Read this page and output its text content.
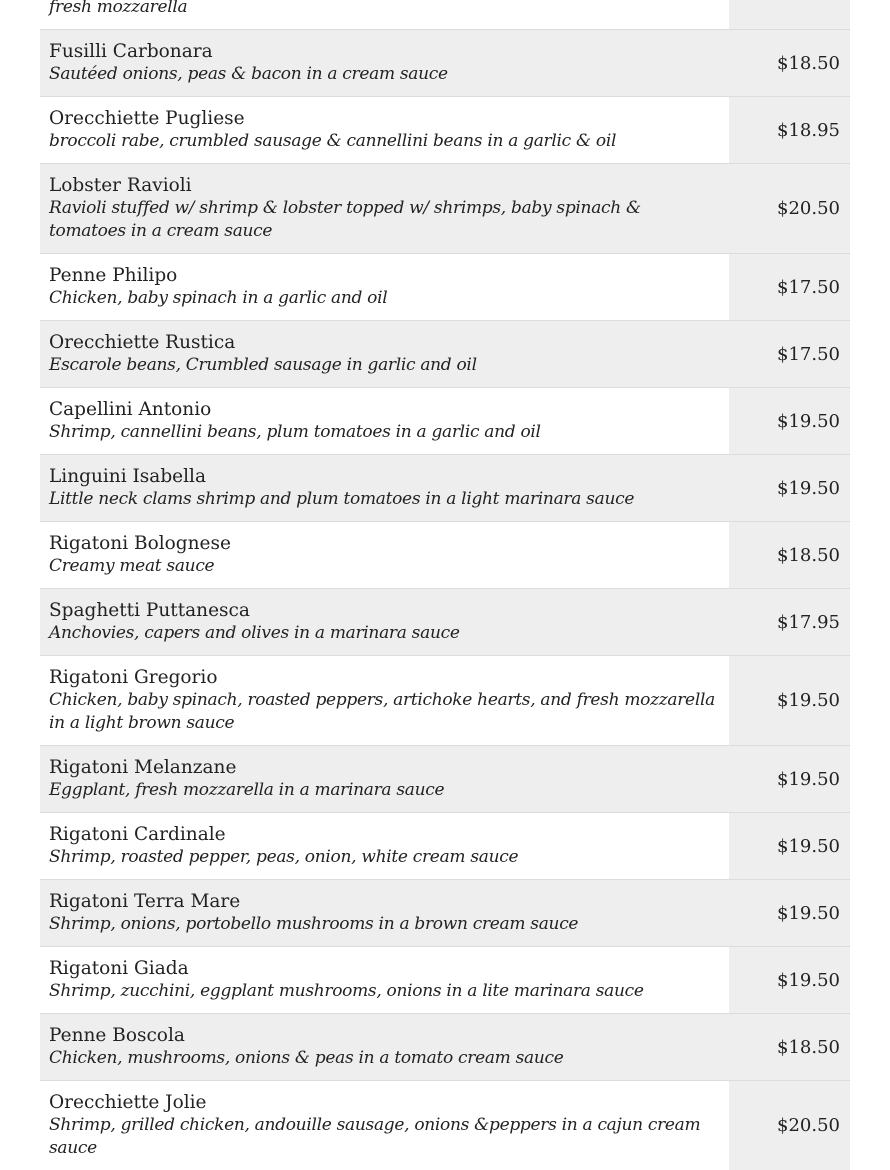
fresh mozzarella	

Fusilli Carbonara
Sautéed onions, peas & bacon in a cream sauce	$18.50

Orecchiette Pugliese
broccoli rabe, crumbled sausage & cannellini beans in a garlic & oil	$18.95

Lobster Ravioli
Ravioli stuffed w/ shrimp & lobster topped w/ shrimps, baby spinach & tomatoes in a cream sauce	$20.50

Penne Philipo
Chicken, baby spinach in a garlic and oil	$17.50

Orecchiette Rustica
Escarole beans, Crumbled sausage in garlic and oil	$17.50

Capellini Antonio
Shrimp, cannellini beans, plum tomatoes in a garlic and oil	$19.50

Linguini Isabella
Little neck clams shrimp and plum tomatoes in a light marinara sauce	$19.50

Rigatoni Bolognese
Creamy meat sauce	$18.50

Spaghetti Puttanesca
Anchovies, capers and olives in a marinara sauce	$17.95

Rigatoni Gregorio
Chicken, baby spinach, roasted peppers, artichoke hearts, and fresh mozzarella in a light brown sauce	$19.50

Rigatoni Melanzane
Eggplant, fresh mozzarella in a marinara sauce	$19.50

Rigatoni Cardinale
Shrimp, roasted pepper, peas, onion, white cream sauce	$19.50

Rigatoni Terra Mare
Shrimp, onions, portobello mushrooms in a brown cream sauce	$19.50

Rigatoni Giada
Shrimp, zucchini, eggplant mushrooms, onions in a lite marinara sauce	$19.50

Penne Boscola
Chicken, mushrooms, onions & peas in a tomato cream sauce	$18.50

Orecchiette Jolie
Shrimp, grilled chicken, andouille sausage, onions &peppers in a cajun cream sauce	$20.50
